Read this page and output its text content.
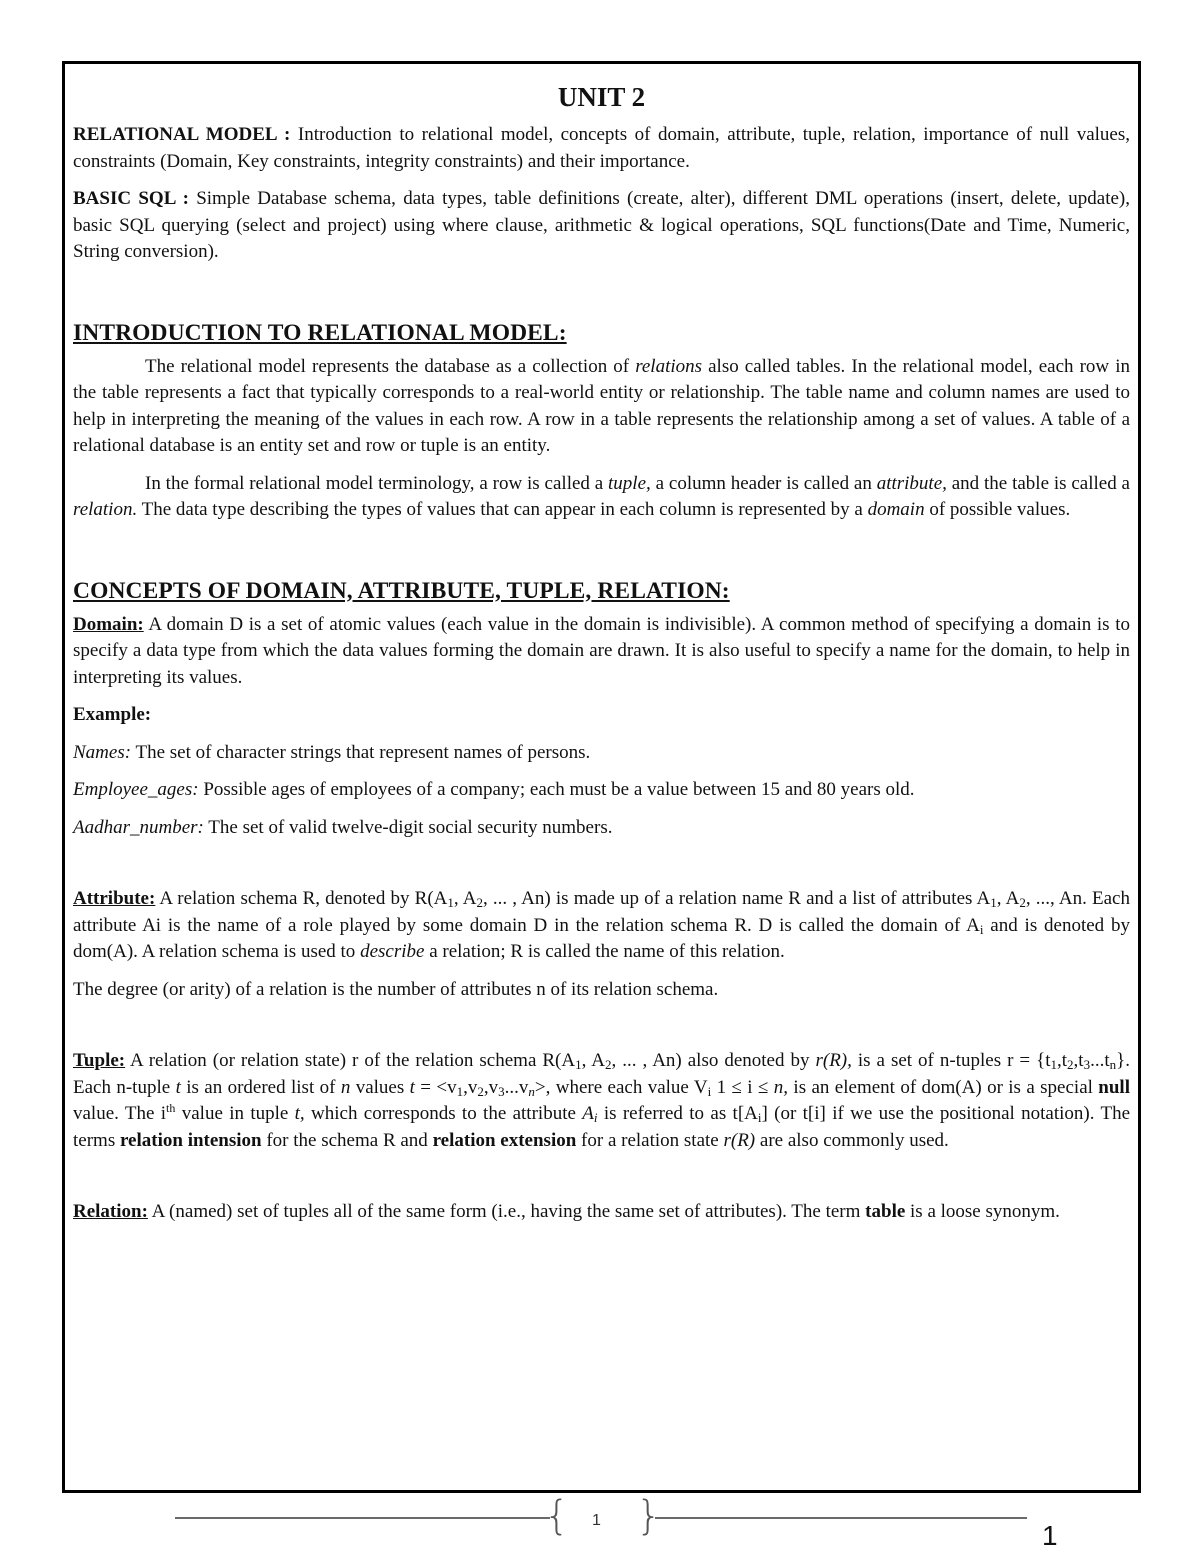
UNIT 2

RELATIONAL MODEL : Introduction to relational model, concepts of domain, attribute, tuple, relation, importance of null values, constraints (Domain, Key constraints, integrity constraints) and their importance.

BASIC SQL : Simple Database schema, data types, table definitions (create, alter), different DML operations (insert, delete, update), basic SQL querying (select and project) using where clause, arithmetic & logical operations, SQL functions(Date and Time, Numeric, String conversion).

INTRODUCTION TO RELATIONAL MODEL:

The relational model represents the database as a collection of relations also called tables. In the relational model, each row in the table represents a fact that typically corresponds to a real-world entity or relationship. The table name and column names are used to help in interpreting the meaning of the values in each row. A row in a table represents the relationship among a set of values. A table of a relational database is an entity set and row or tuple is an entity.

In the formal relational model terminology, a row is called a tuple, a column header is called an attribute, and the table is called a relation. The data type describing the types of values that can appear in each column is represented by a domain of possible values.

CONCEPTS OF DOMAIN, ATTRIBUTE, TUPLE, RELATION:

Domain: A domain D is a set of atomic values (each value in the domain is indivisible). A common method of specifying a domain is to specify a data type from which the data values forming the domain are drawn. It is also useful to specify a name for the domain, to help in interpreting its values.

Example:

Names: The set of character strings that represent names of persons.

Employee_ages: Possible ages of employees of a company; each must be a value between 15 and 80 years old.

Aadhar_number: The set of valid twelve-digit social security numbers.

Attribute: A relation schema R, denoted by $R(A_1$, $A_2$, ... , An) is made up of a relation name R and a list of attributes $A_1$, $A_2$, ..., An. Each attribute Ai is the name of a role played by some domain D in the relation schema R. D is called the domain of $A_i$ and is denoted by dom(A). A relation schema is used to describe a relation; R is called the name of this relation.

The degree (or arity) of a relation is the number of attributes n of its relation schema.

Tuple: A relation (or relation state) r of the relation schema $R(A_1$, $A_2$, ... , An) also denoted by r(R), is a set of n-tuples $r = \{t_1,t_2,t_3...t_n\}$. Each n-tuple t is an ordered list of n values $t = <v_1,v_2,v_3...v_n>$, where each value $V_i$ 1 ≤ i ≤ n, is an element of dom(A) or is a special null value. The $i^{th}$ value in tuple t, which corresponds to the attribute $A_i$ is referred to as $t[A_i]$ (or t[i] if we use the positional notation). The terms relation intension for the schema R and relation extension for a relation state r(R) are also commonly used.

Relation: A (named) set of tuples all of the same form (i.e., having the same set of attributes). The term table is a loose synonym.

{ }
1	1
